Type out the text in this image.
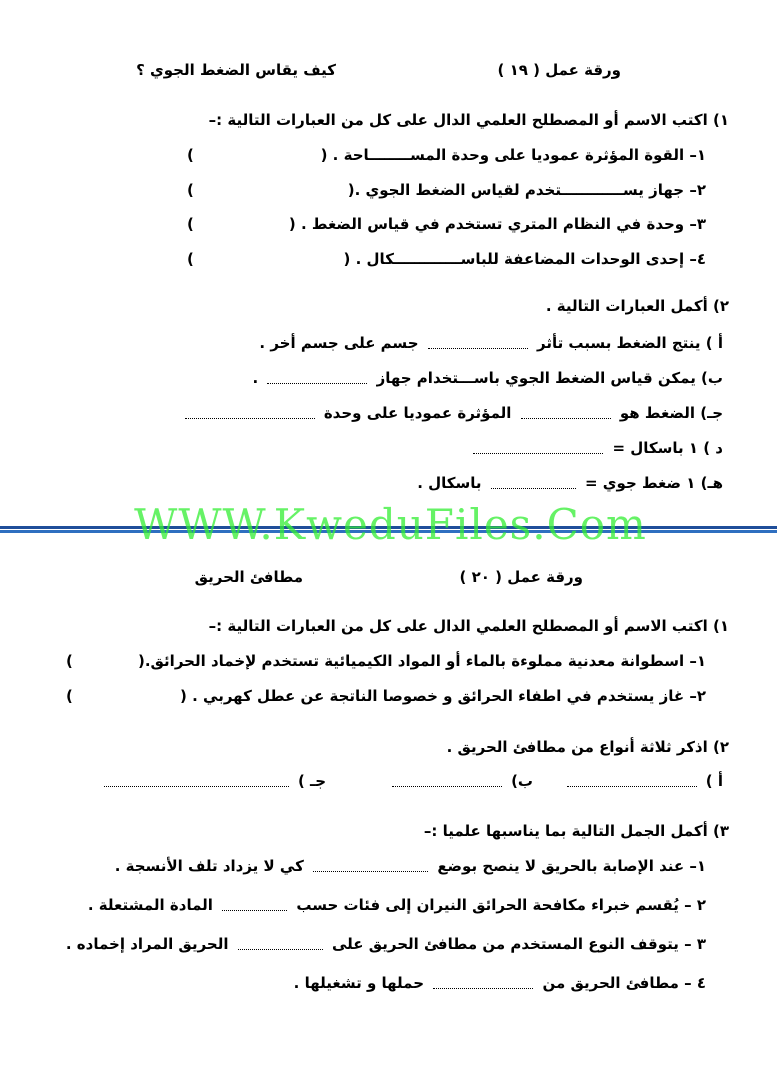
ورقة عمل ( ١٩ )
كيف يقاس الضغط الجوي ؟
١) اكتب الاسم أو المصطلح العلمي الدال على كل من العبارات التالية :–
١– القوة المؤثرة عموديا على وحدة المســــــــاحة . (
)
٢– جهاز يســــــــــــتخدم لقياس الضغط الجوي .(
)
٣– وحدة في النظام المتري تستخدم في قياس الضغط . (
)
٤– إحدى الوحدات المضاعفة للباســـــــــــــكال . (
)
٢) أكمل العبارات التالية .
أ ) ينتج الضغط بسبب تأثر  جسم على جسم أخر .
ب) يمكن قياس الضغط الجوي باســـتخدام جهاز  .
جـ) الضغط هو  المؤثرة عموديا على وحدة
د ) ١ باسكال =
هـ) ١ ضغط جوي =  باسكال .
WWW.KweduFiles.Com
ورقة عمل ( ٢٠ )
مطافئ الحريق
١) اكتب الاسم أو المصطلح العلمي الدال على كل من العبارات التالية :–
١– اسطوانة معدنية مملوءة بالماء أو المواد الكيميائية تستخدم لإخماد الحرائق.(
)
٢– غاز يستخدم في اطفاء الحرائق و خصوصا الناتجة عن عطل كهربي . (
)
٢) اذكر ثلاثة أنواع من مطافئ الحريق .
أ )
ب)
جـ )
٣) أكمل الجمل التالية بما يناسبها علميا :–
١– عند الإصابة بالحريق لا ينصح بوضع  كي لا يزداد تلف الأنسجة .
٢ – يُقسم خبراء مكافحة الحرائق النيران إلى فئات حسب  المادة المشتعلة .
٣ – يتوقف النوع المستخدم من مطافئ الحريق على  الحريق المراد إخماده .
٤ – مطافئ الحريق من  حملها و تشغيلها .
